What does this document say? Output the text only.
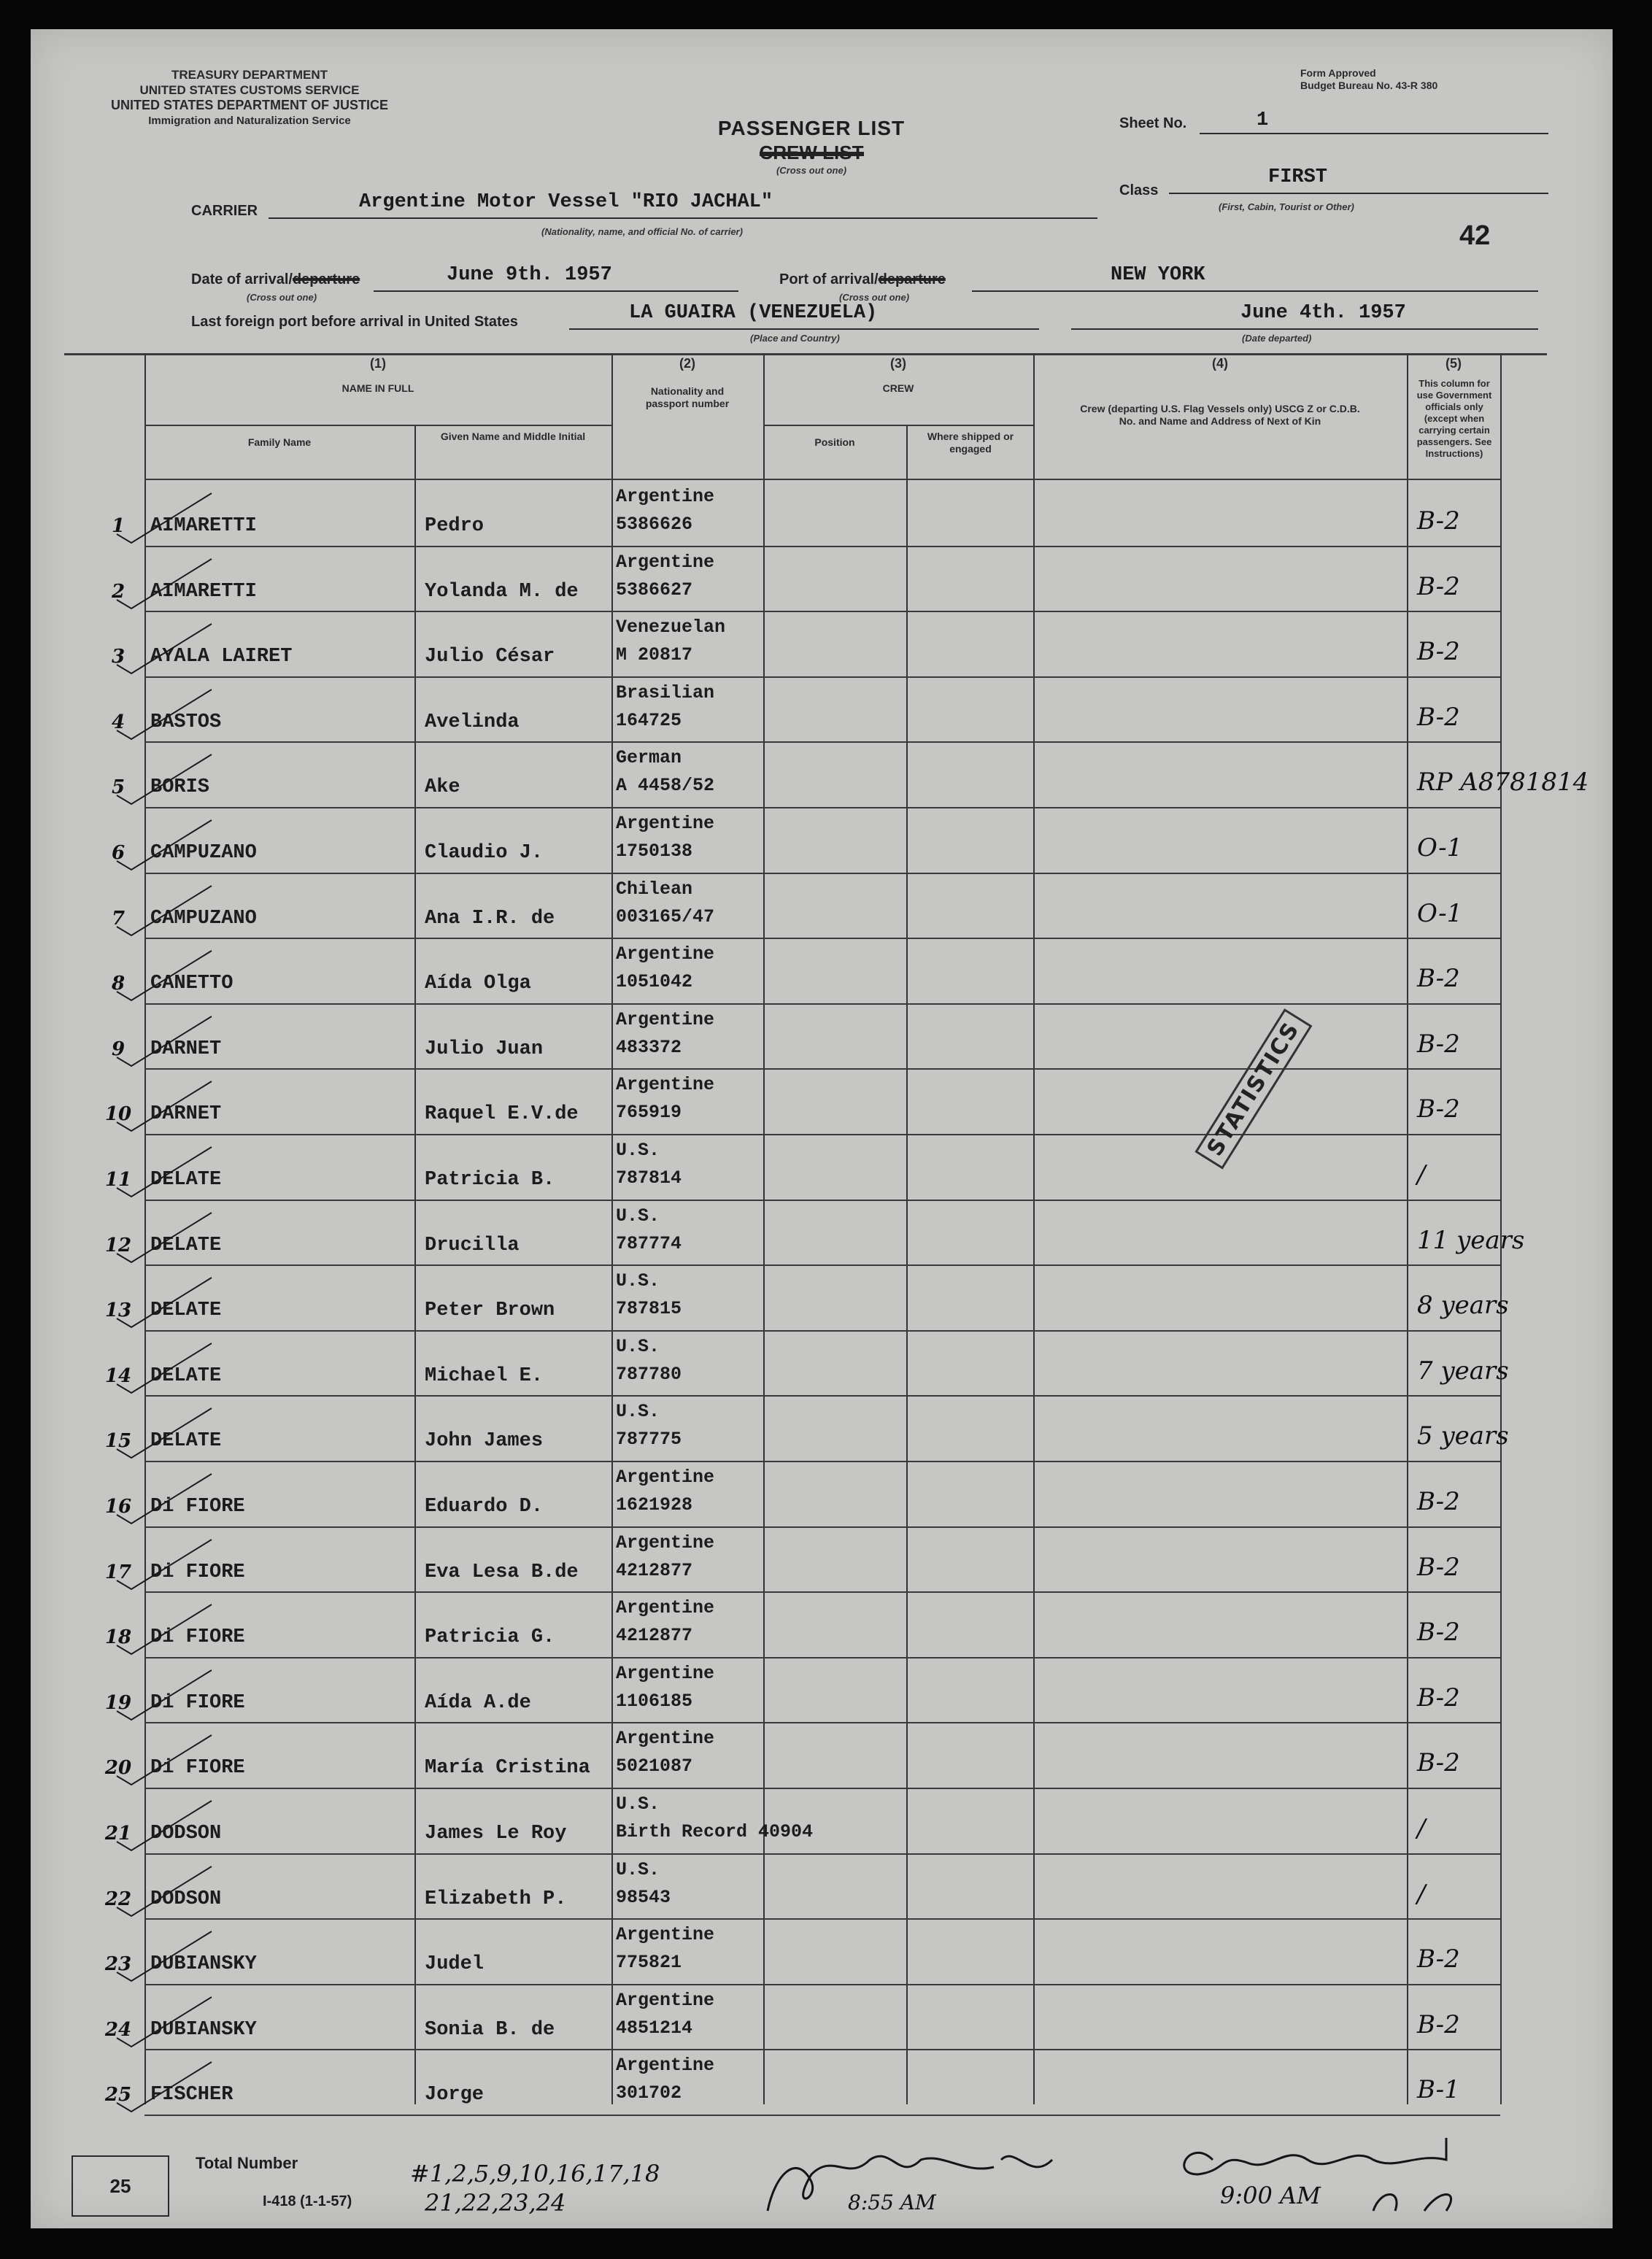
TREASURY DEPARTMENT
UNITED STATES CUSTOMS SERVICE
UNITED STATES DEPARTMENT OF JUSTICE
Immigration and Naturalization Service
Form Approved
Budget Bureau No. 43-R 380
PASSENGER LIST
CREW LIST
(Cross out one)
Sheet No.	1
Class
FIRST
(First, Cabin, Tourist or Other)
42
CARRIER	Argentine Motor Vessel "RIO JACHAL"
(Nationality, name, and official No. of carrier)
Date of arrival/departure	June 9th. 1957
(Cross out one)
Port of arrival/departure	NEW YORK
(Cross out one)
Last foreign port before arrival in United States	LA GUAIRA (VENEZUELA)
(Place and Country)
June 4th. 1957
(Date departed)
(1)
NAME IN FULL
Family Name	Given Name and Middle Initial
(2)
Nationality and passport number
(3)
CREW
Position	Where shipped or engaged
(4)
Crew (departing U.S. Flag Vessels only) USCG Z or C.D.B. No. and Name and Address of Next of Kin
(5)
This column for use Government officials only (except when carrying certain passengers. See Instructions)
1	AIMARETTI	Pedro
Argentine
5386626	B-2
2	AIMARETTI	Yolanda M. de
Argentine
5386627	B-2
3	AYALA LAIRET	Julio César
Venezuelan
M 20817	B-2
4	BASTOS	Avelinda
Brasilian
164725	B-2
5	BORIS	Ake
German
A 4458/52	RP A8781814
6	CAMPUZANO	Claudio J.
Argentine
1750138	O-1
7	CAMPUZANO	Ana I.R. de
Chilean
003165/47	O-1
8	CANETTO	Aída Olga
Argentine
1051042	B-2
9	DARNET	Julio Juan
Argentine
483372	B-2
10 DARNET	Raquel E.V.de
Argentine
765919	B-2
11 DELATE	Patricia B.
U.S.
787814	/
12 DELATE	Drucilla
U.S.
787774	11 years
13 DELATE	Peter Brown
U.S.
787815	8 years
14 DELATE	Michael E.
U.S.
787780	7 years
15 DELATE	John James
U.S.
787775	5 years
16 Di FIORE	Eduardo D.
Argentine
1621928	B-2
17 Di FIORE	Eva Lesa B.de
Argentine
4212877	B-2
18 Di FIORE	Patricia G.
Argentine
4212877	B-2
19 Di FIORE	Aída A.de
Argentine
1106185	B-2
20 Di FIORE	María Cristina
Argentine
5021087	B-2
21 DODSON	James Le Roy
U.S.
Birth Record 40904	/
22 DODSON	Elizabeth P.
U.S.
98543	/
23 DUBIANSKY	Judel
Argentine
775821	B-2
24 DUBIANSKY	Sonia B. de
Argentine
4851214	B-2
25 FISCHER	Jorge
Argentine
301702	B-1
STATISTICS
25
Total Number
I-418 (1-1-57)
#1,2,5,9,10,16,17,18
21,22,23,24	8:55 AM	9:00 AM
